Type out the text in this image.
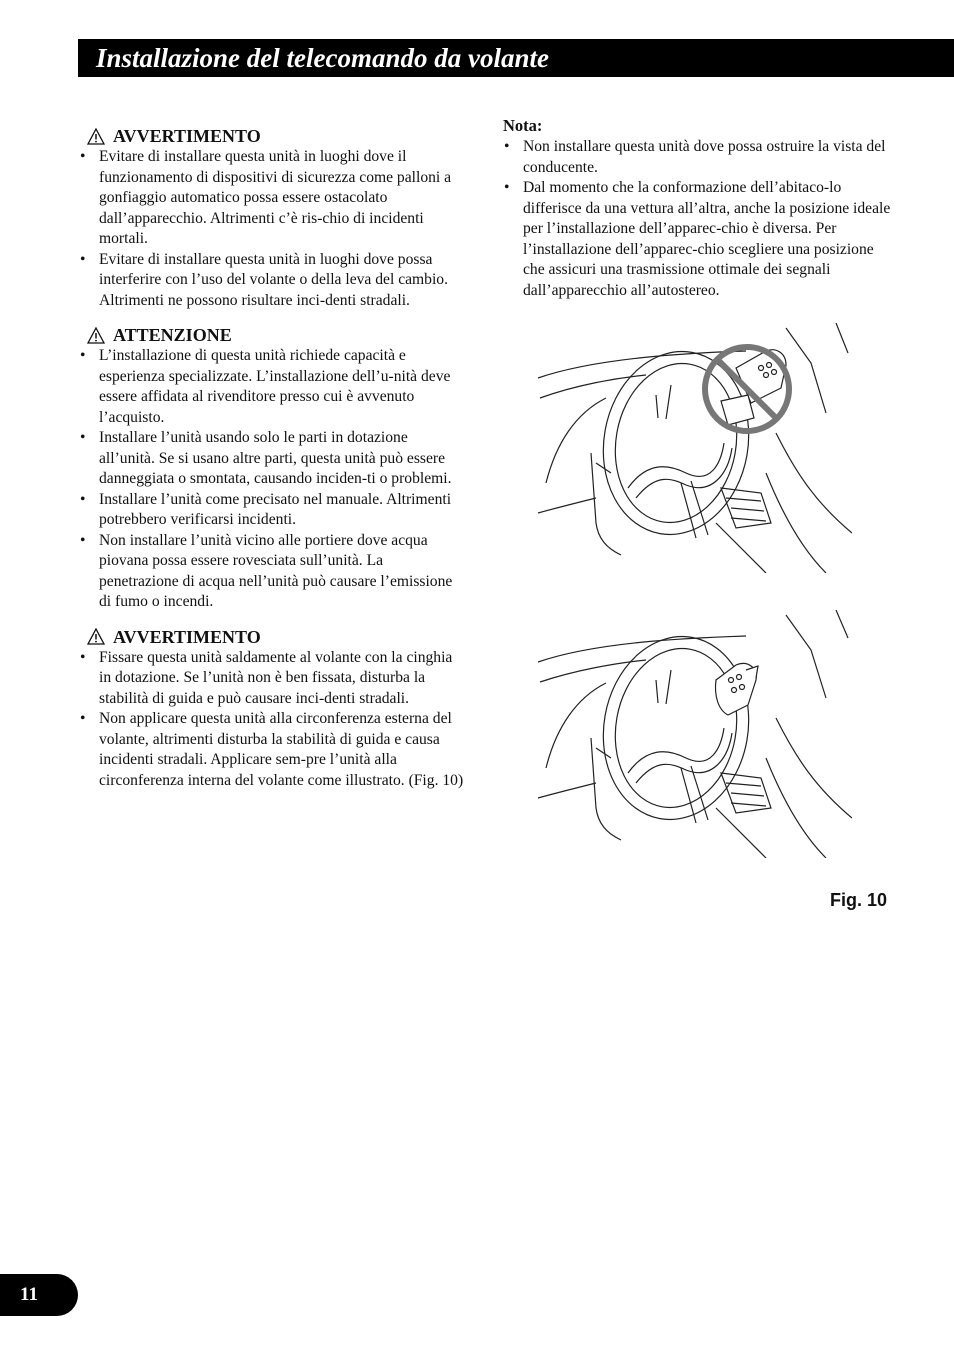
Installazione del telecomando da volante
AVVERTIMENTO
• Evitare di installare questa unità in luoghi dove il funzionamento di dispositivi di sicurezza come palloni a gonfiaggio automatico possa essere ostacolato dall’apparecchio. Altrimenti c’è ris-chio di incidenti mortali.
• Evitare di installare questa unità in luoghi dove possa interferire con l’uso del volante o della leva del cambio. Altrimenti ne possono risultare inci-denti stradali.
ATTENZIONE
• L’installazione di questa unità richiede capacità e esperienza specializzate. L’installazione dell’u-nità deve essere affidata al rivenditore presso cui è avvenuto l’acquisto.
• Installare l’unità usando solo le parti in dotazione all’unità. Se si usano altre parti, questa unità può essere danneggiata o smontata, causando inciden-ti o problemi.
• Installare l’unità come precisato nel manuale. Altrimenti potrebbero verificarsi incidenti.
• Non installare l’unità vicino alle portiere dove acqua piovana possa essere rovesciata sull’unità. La penetrazione di acqua nell’unità può causare l’emissione di fumo o incendi.
AVVERTIMENTO
• Fissare questa unità saldamente al volante con la cinghia in dotazione. Se l’unità non è ben fissata, disturba la stabilità di guida e può causare inci-denti stradali.
• Non applicare questa unità alla circonferenza esterna del volante, altrimenti disturba la stabilità di guida e causa incidenti stradali. Applicare sem-pre l’unità alla circonferenza interna del volante come illustrato. (Fig. 10)
Nota:
• Non installare questa unità dove possa ostruire la vista del conducente.
• Dal momento che la conformazione dell’abitaco-lo differisce da una vettura all’altra, anche la posizione ideale per l’installazione dell’apparec-chio è diversa. Per l’installazione dell’apparec-chio scegliere una posizione che assicuri una trasmissione ottimale dei segnali dall’apparecchio all’autostereo.
Fig. 10
11
